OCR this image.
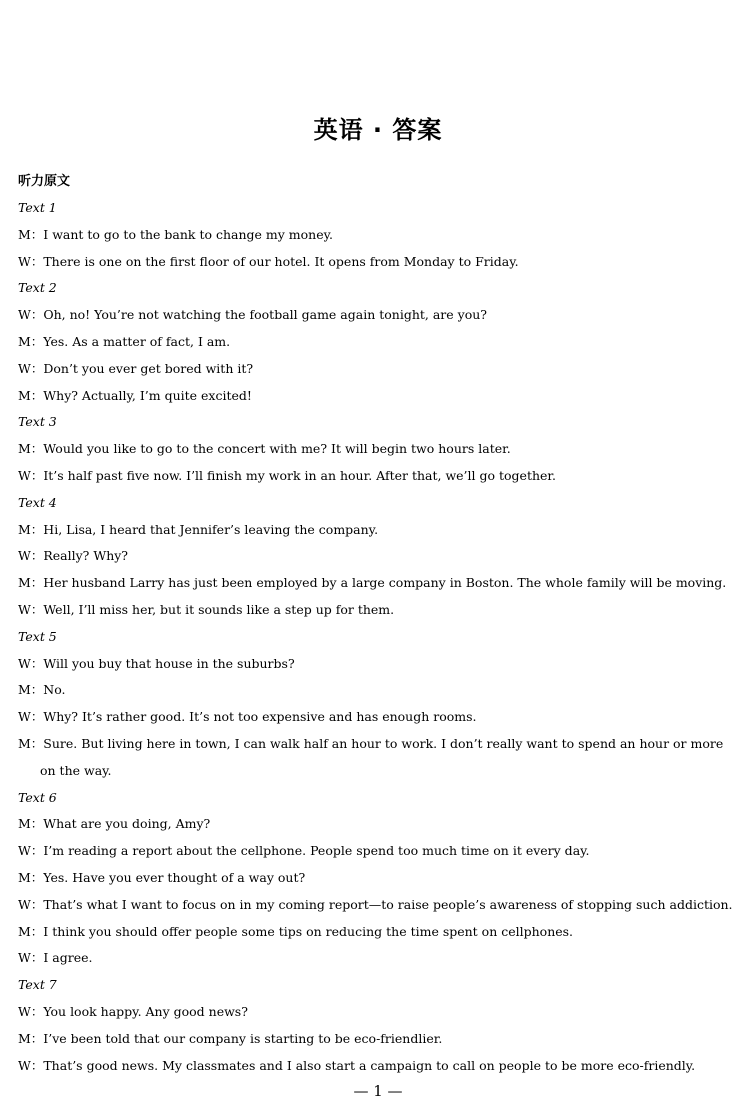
英语 · 答案
听力原文
Text 1
M：I want to go to the bank to change my money.
W：There is one on the first floor of our hotel. It opens from Monday to Friday.
Text 2
W：Oh, no! You’re not watching the football game again tonight, are you?
M：Yes. As a matter of fact, I am.
W：Don’t you ever get bored with it?
M：Why? Actually, I’m quite excited!
Text 3
M：Would you like to go to the concert with me? It will begin two hours later.
W：It’s half past five now. I’ll finish my work in an hour. After that, we’ll go together.
Text 4
M：Hi, Lisa, I heard that Jennifer’s leaving the company.
W：Really? Why?
M：Her husband Larry has just been employed by a large company in Boston. The whole family will be moving.
W：Well, I’ll miss her, but it sounds like a step up for them.
Text 5
W：Will you buy that house in the suburbs?
M：No.
W：Why? It’s rather good. It’s not too expensive and has enough rooms.
M：Sure. But living here in town, I can walk half an hour to work. I don’t really want to spend an hour or more on the way.
Text 6
M：What are you doing, Amy?
W：I’m reading a report about the cellphone. People spend too much time on it every day.
M：Yes. Have you ever thought of a way out?
W：That’s what I want to focus on in my coming report—to raise people’s awareness of stopping such addiction.
M：I think you should offer people some tips on reducing the time spent on cellphones.
W：I agree.
Text 7
W：You look happy. Any good news?
M：I’ve been told that our company is starting to be eco-friendlier.
W：That’s good news. My classmates and I also start a campaign to call on people to be more eco-friendly.
— 1 —
